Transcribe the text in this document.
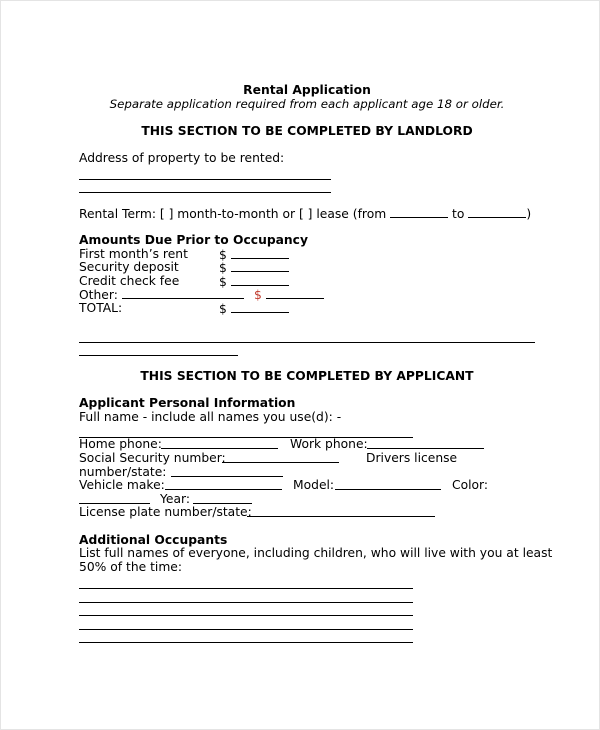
Rental Application
Separate application required from each applicant age 18 or older.
THIS SECTION TO BE COMPLETED BY LANDLORD
Address of property to be rented:
Rental Term: [ ] month-to-month or [ ] lease (from	to	)
Amounts Due Prior to Occupancy
First month’s rent	$
Security deposit	$
Credit check fee	$
Other:	$
TOTAL:	$
THIS SECTION TO BE COMPLETED BY APPLICANT
Applicant Personal Information
Full name - include all names you use(d): -
Home phone:	Work phone:
Social Security number:	Drivers license
number/state:
Vehicle make:	Model:	Color:
Year:
License plate number/state:
Additional Occupants
List full names of everyone, including children, who will live with you at least
50% of the time:
